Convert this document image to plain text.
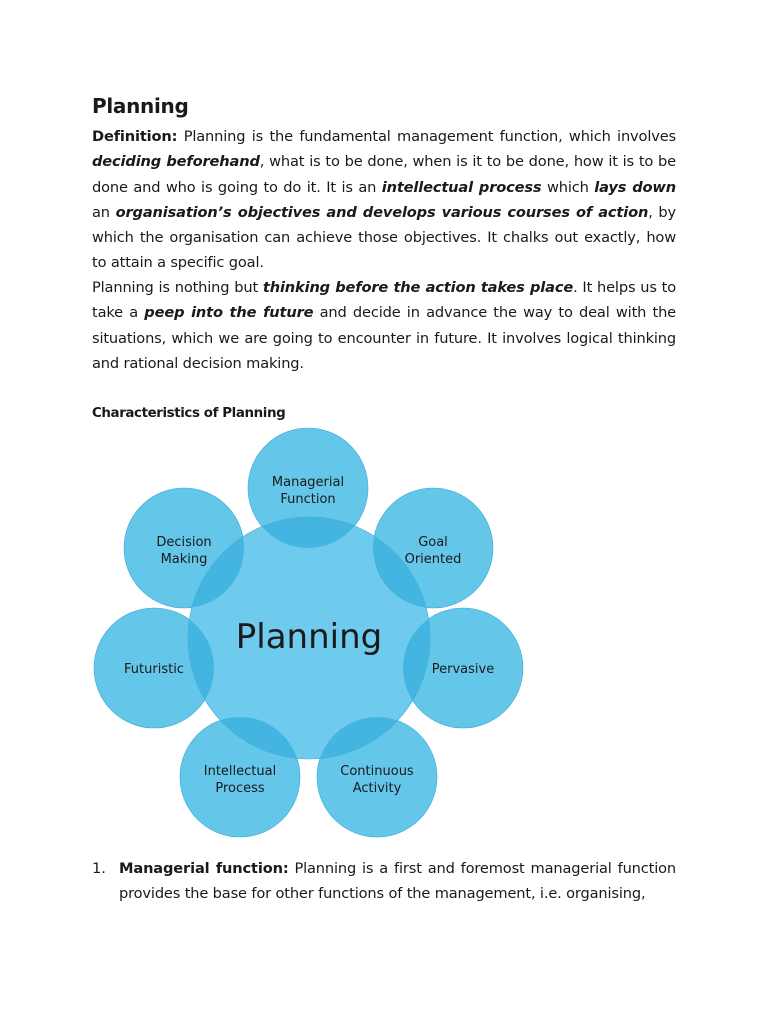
Planning

Definition: Planning is the fundamental management function, which involves deciding beforehand, what is to be done, when is it to be done, how it is to be done and who is going to do it. It is an intellectual process which lays down an organisation’s objectives and develops various courses of action, by which the organisation can achieve those objectives. It chalks out exactly, how to attain a specific goal.

Planning is nothing but thinking before the action takes place. It helps us to take a peep into the future and decide in advance the way to deal with the situations, which we are going to encounter in future. It involves logical thinking and rational decision making.

Characteristics of Planning
Planning
Managerial
Function
Goal
Oriented
Pervasive
Continuous
Activity
Intellectual
Process
Futuristic
Decision
Making
1. Managerial function: Planning is a first and foremost managerial function provides the base for other functions of the management, i.e. organising,
